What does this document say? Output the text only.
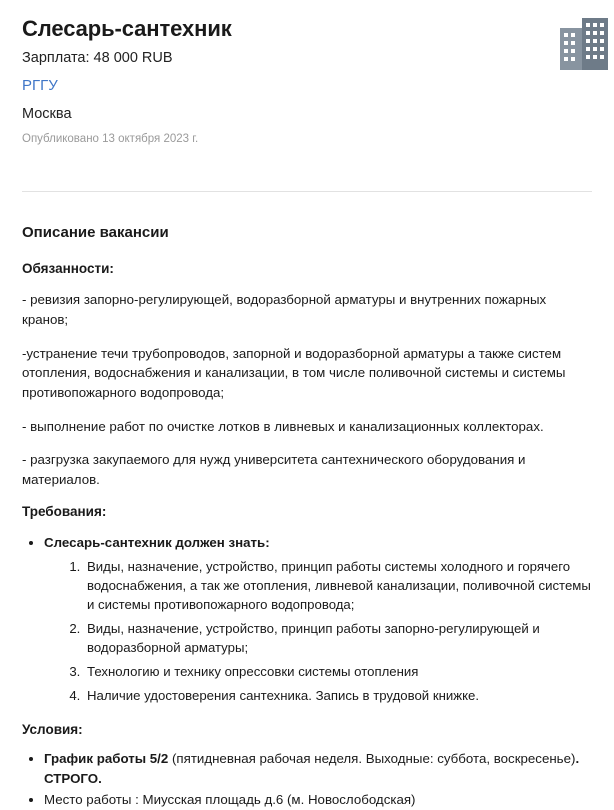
Слесарь-сантехник
Зарплата: 48 000 RUB
РГГУ
Москва
Опубликовано 13 октября 2023 г.
Описание вакансии
Обязанности:

- ревизия запорно-регулирующей, водоразборной арматуры и внутренних пожарных кранов;

-устранение течи трубопроводов, запорной и водоразборной арматуры а также систем отопления, водоснабжения и канализации, в том числе поливочной системы и системы противопожарного водопровода;

- выполнение работ по очистке лотков в ливневых и канализационных коллекторах.

- разгрузка закупаемого для нужд университета сантехнического оборудования и материалов.

Требования:
• Слесарь-сантехник должен знать:
1. Виды, назначение, устройство, принцип работы системы холодного и горячего водоснабжения, а так же отопления, ливневой канализации, поливочной системы и системы противопожарного водопровода;
2. Виды, назначение, устройство, принцип работы запорно-регулирующей и водоразборной арматуры;
3. Технологию и технику опрессовки системы отопления
4. Наличие удостоверения сантехника. Запись в трудовой книжке.
Условия:
• График работы 5/2 (пятидневная рабочая неделя. Выходные: суббота, воскресенье). СТРОГО.
• Место работы : Миусская площадь д.6 (м. Новослободская)
